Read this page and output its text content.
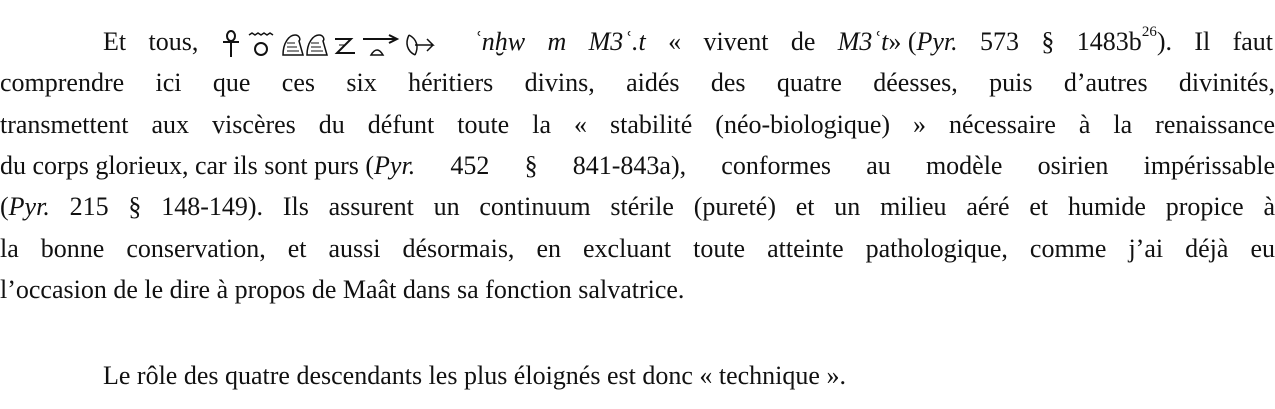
Et tous,	ʿnḫw m M3ʿ.t « vivent de M3ʿt» (Pyr. 573 § $1483b^{26}$). Il faut
comprendre ici que ces six héritiers divins, aidés des quatre déesses, puis d’autres divinités,
transmettent aux viscères du défunt toute la « stabilité (néo-biologique) » nécessaire à la renaissance
du corps glorieux, car ils sont purs (Pyr. 452 § 841-843a), conformes au modèle osirien impérissable
(Pyr. 215 § 148-149). Ils assurent un continuum stérile (pureté) et un milieu aéré et humide propice à
la bonne conservation, et aussi désormais, en excluant toute atteinte pathologique, comme j’ai déjà eu
l’occasion de le dire à propos de Maât dans sa fonction salvatrice.
Le rôle des quatre descendants les plus éloignés est donc « technique ».
